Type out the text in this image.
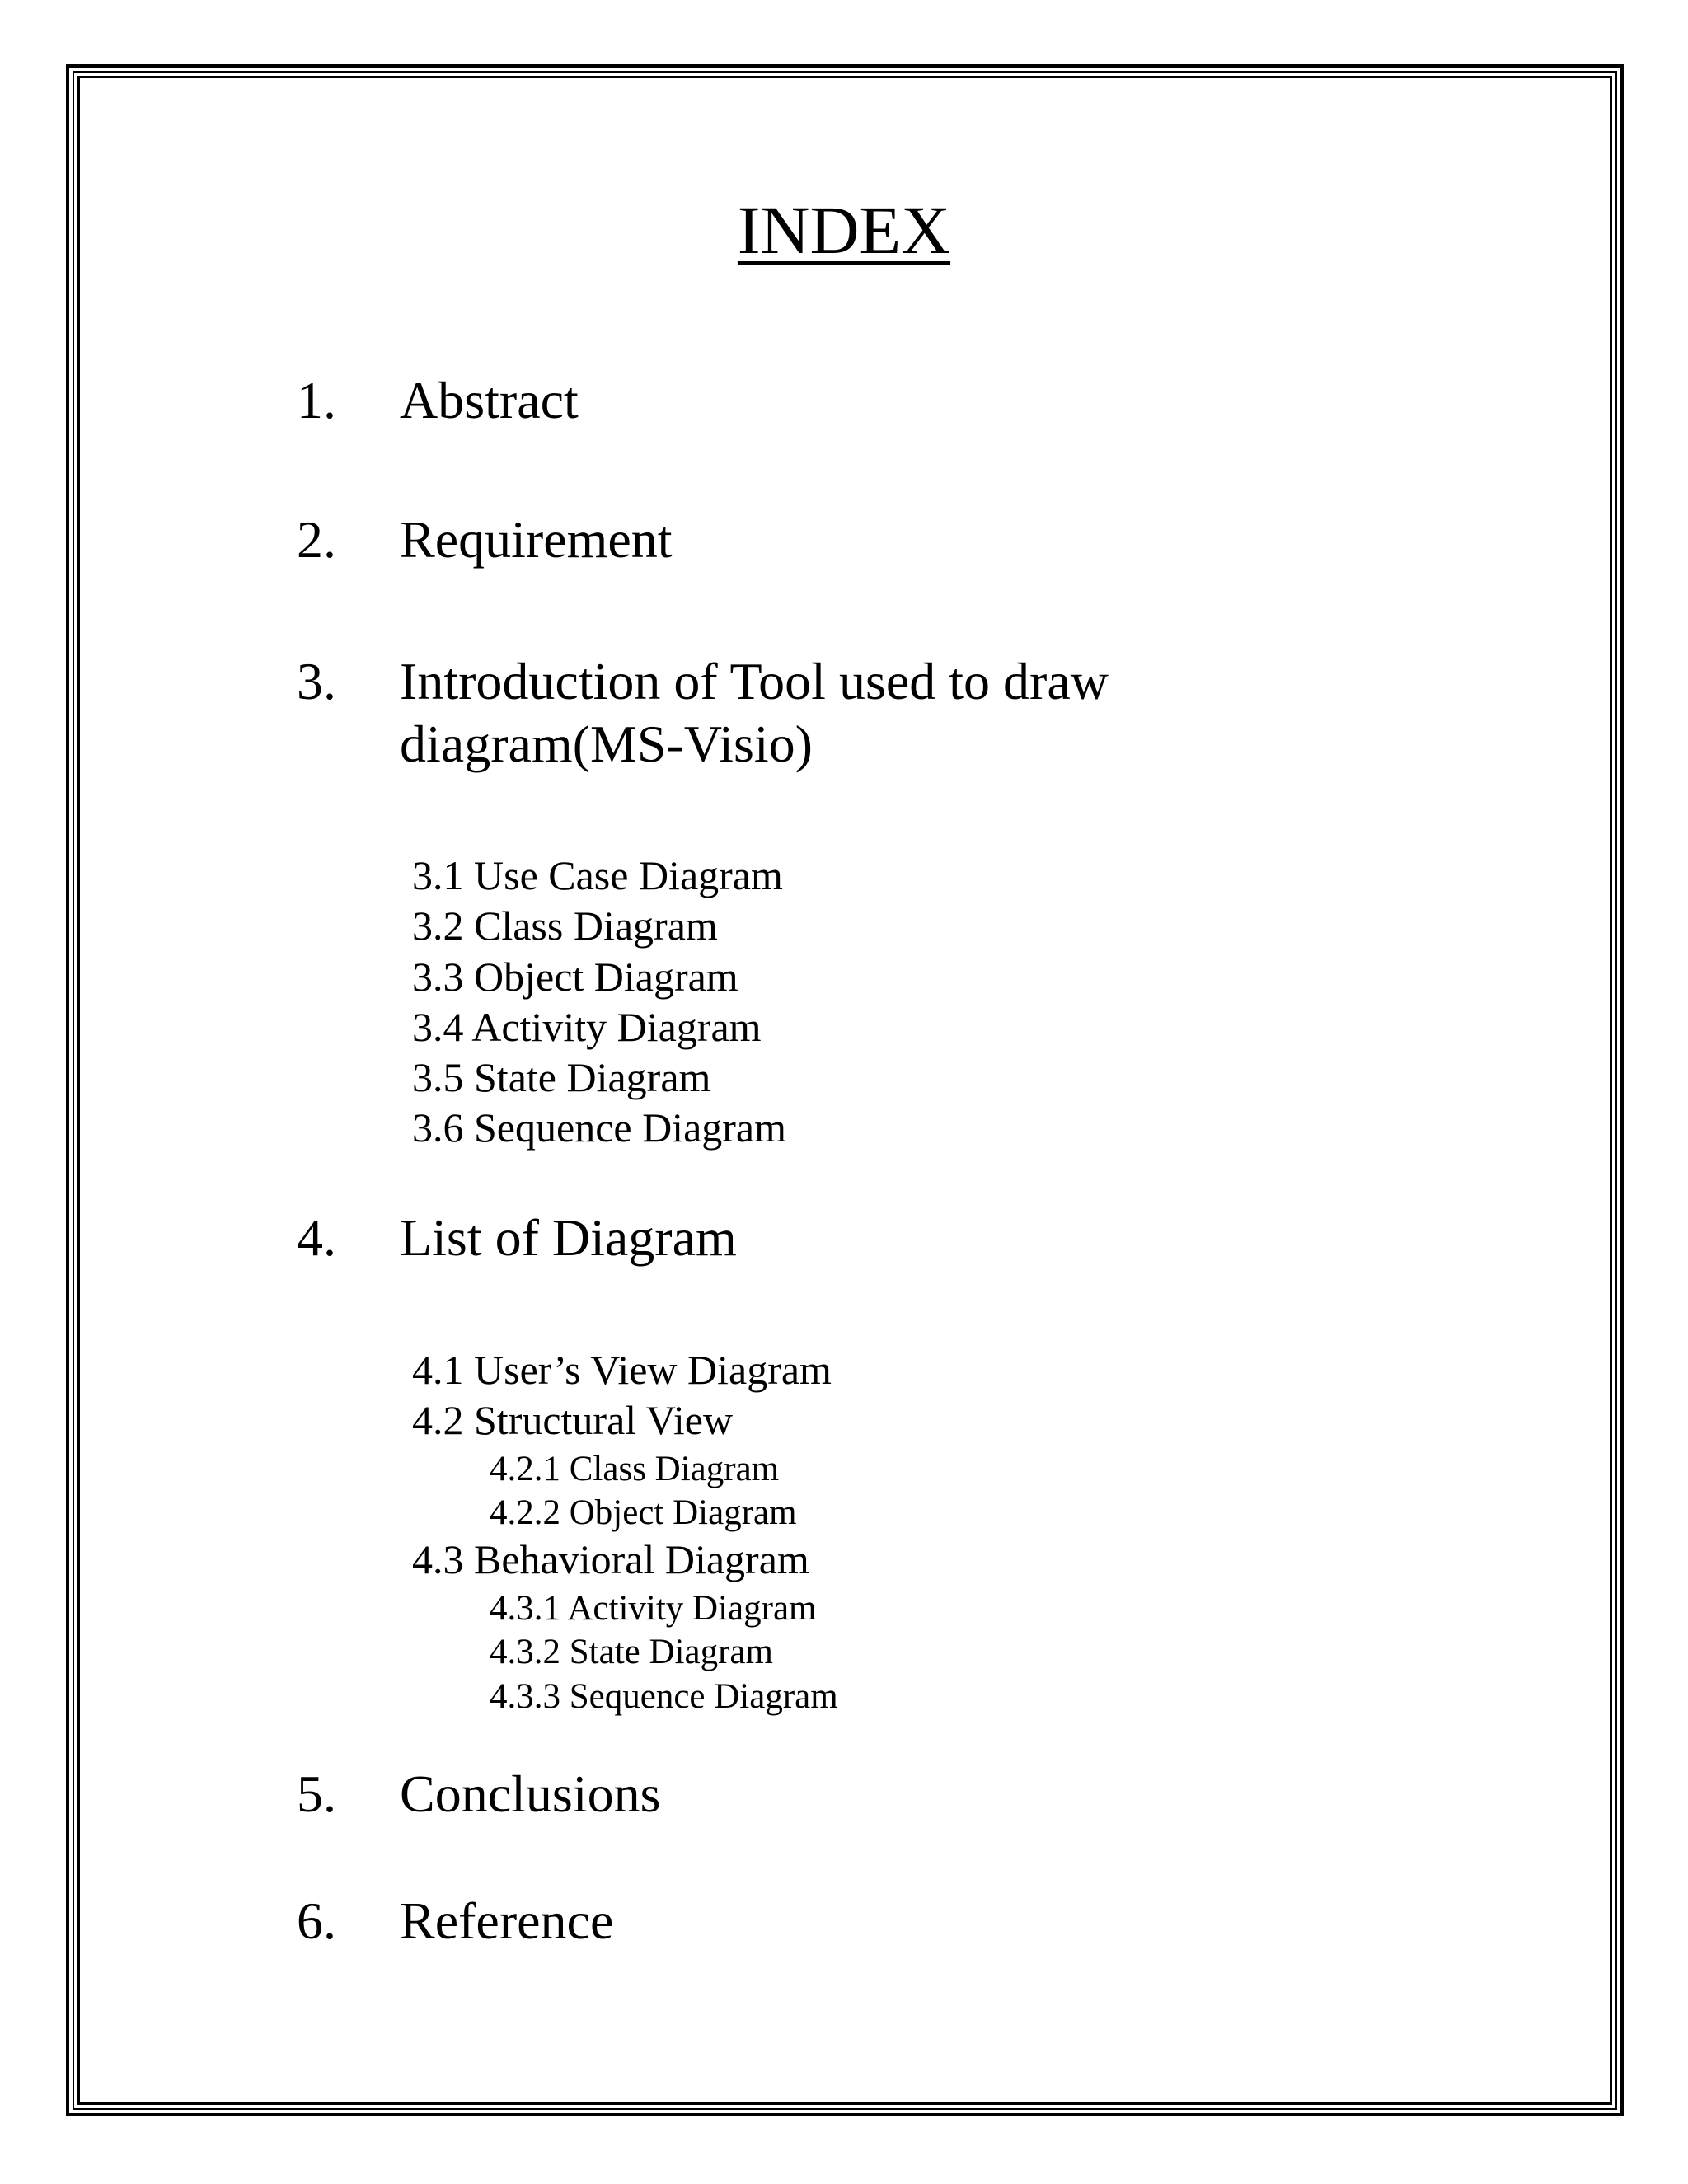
INDEX
1.	Abstract
2.	Requirement
3.	Introduction of Tool used to draw diagram(MS-Visio)
3.1 Use Case Diagram
3.2 Class Diagram
3.3 Object Diagram
3.4 Activity Diagram
3.5 State Diagram
3.6 Sequence Diagram
4.	List of Diagram
4.1 User’s View Diagram
4.2 Structural View
4.2.1 Class Diagram
4.2.2 Object Diagram
4.3 Behavioral Diagram
4.3.1 Activity Diagram
4.3.2 State Diagram
4.3.3 Sequence Diagram
5.	Conclusions
6.	Reference
